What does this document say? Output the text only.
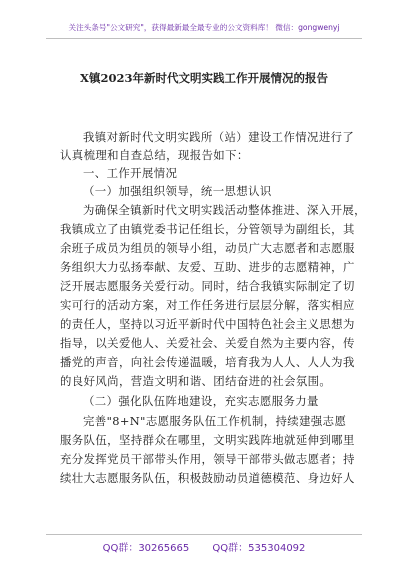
关注头条号"公文研究"，获得最新最全最专业的公文资料库！ 微信：gongwenyj
X镇2023年新时代文明实践工作开展情况的报告
我镇对新时代文明实践所（站）建设工作情况进行了
认真梳理和自查总结，现报告如下：
一、工作开展情况
（一）加强组织领导，统一思想认识
为确保全镇新时代文明实践活动整体推进、深入开展，
我镇成立了由镇党委书记任组长，分管领导为副组长，其
余班子成员为组员的领导小组，动员广大志愿者和志愿服
务组织大力弘扬奉献、友爱、互助、进步的志愿精神，广
泛开展志愿服务关爱行动。同时，结合我镇实际制定了切
实可行的活动方案，对工作任务进行层层分解，落实相应
的责任人，坚持以习近平新时代中国特色社会主义思想为
指导，以关爱他人、关爱社会、关爱自然为主要内容，传
播党的声音，向社会传递温暖，培育我为人人、人人为我
的良好风尚，营造文明和谐、团结奋进的社会氛围。
（二）强化队伍阵地建设，充实志愿服务力量
完善"8+N"志愿服务队伍工作机制，持续建强志愿
服务队伍，坚持群众在哪里，文明实践阵地就延伸到哪里
充分发挥党员干部带头作用，领导干部带头做志愿者；持
续壮大志愿服务队伍，积极鼓励动员道德模范、身边好人
QQ群：30265665 QQ群：535304092
